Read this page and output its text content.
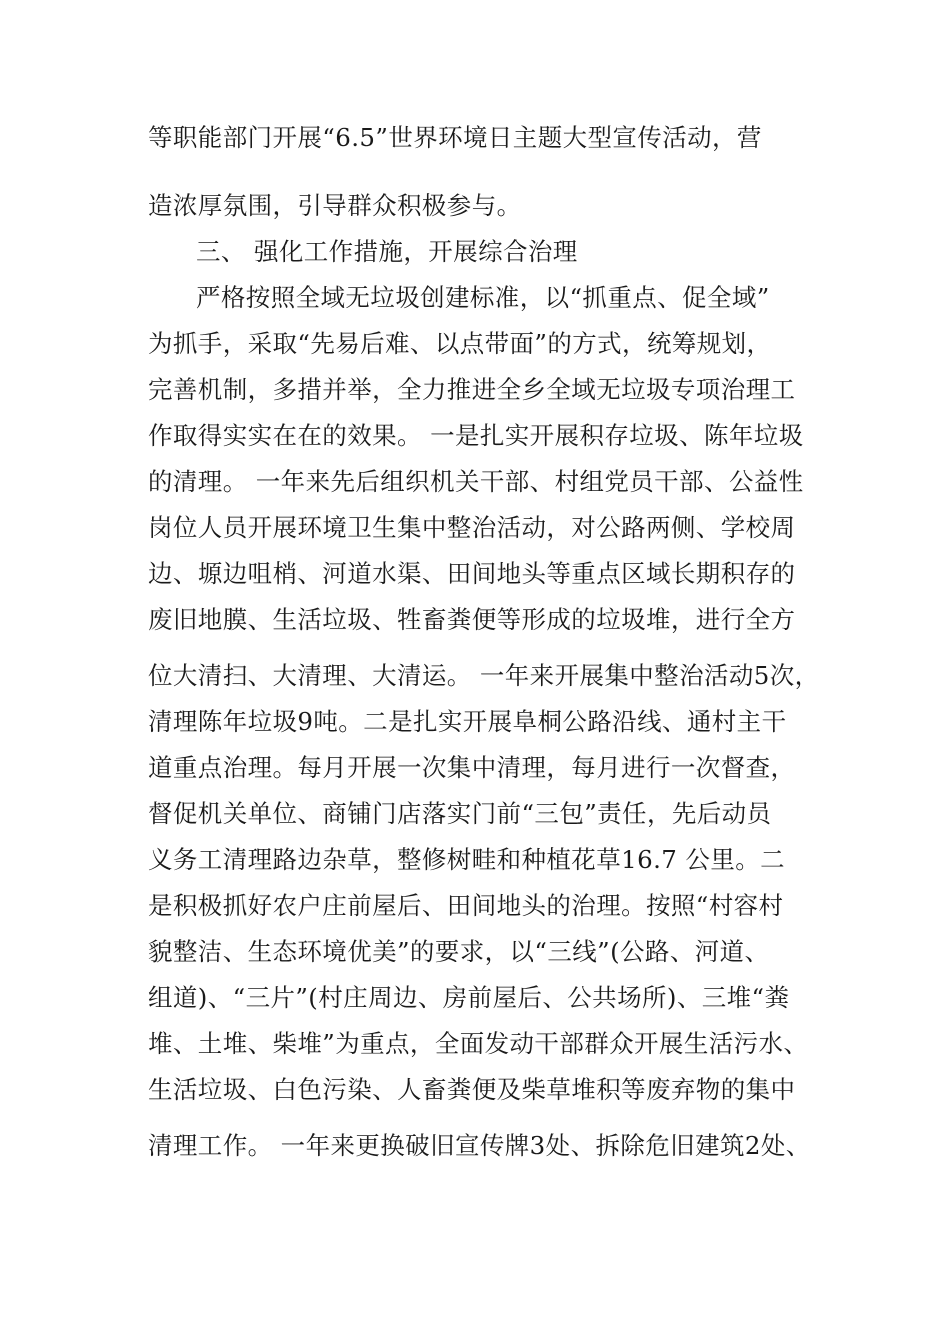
等职能部门开展“6.5”世界环境日主题大型宣传活动，营
造浓厚氛围，引导群众积极参与。
三、 强化工作措施，开展综合治理
严格按照全域无垃圾创建标准，以“抓重点、促全域”
为抓手，采取“先易后难、以点带面”的方式，统筹规划，
完善机制，多措并举，全力推进全乡全域无垃圾专项治理工
作取得实实在在的效果。 一是扎实开展积存垃圾、陈年垃圾
的清理。 一年来先后组织机关干部、村组党员干部、公益性
岗位人员开展环境卫生集中整治活动，对公路两侧、学校周
边、塬边咀梢、河道水渠、田间地头等重点区域长期积存的
废旧地膜、生活垃圾、牲畜粪便等形成的垃圾堆，进行全方
位大清扫、大清理、大清运。 一年来开展集中整治活动5次，
清理陈年垃圾9吨。二是扎实开展阜桐公路沿线、通村主干
道重点治理。每月开展一次集中清理，每月进行一次督查，
督促机关单位、商铺门店落实门前“三包”责任，先后动员
义务工清理路边杂草，整修树畦和种植花草16.7 公里。二
是积极抓好农户庄前屋后、田间地头的治理。按照“村容村
貌整洁、生态环境优美”的要求，以“三线”(公路、河道、
组道)、“三片”(村庄周边、房前屋后、公共场所)、三堆“粪
堆、土堆、柴堆”为重点，全面发动干部群众开展生活污水、
生活垃圾、白色污染、人畜粪便及柴草堆积等废弃物的集中
清理工作。 一年来更换破旧宣传牌3处、拆除危旧建筑2处、
